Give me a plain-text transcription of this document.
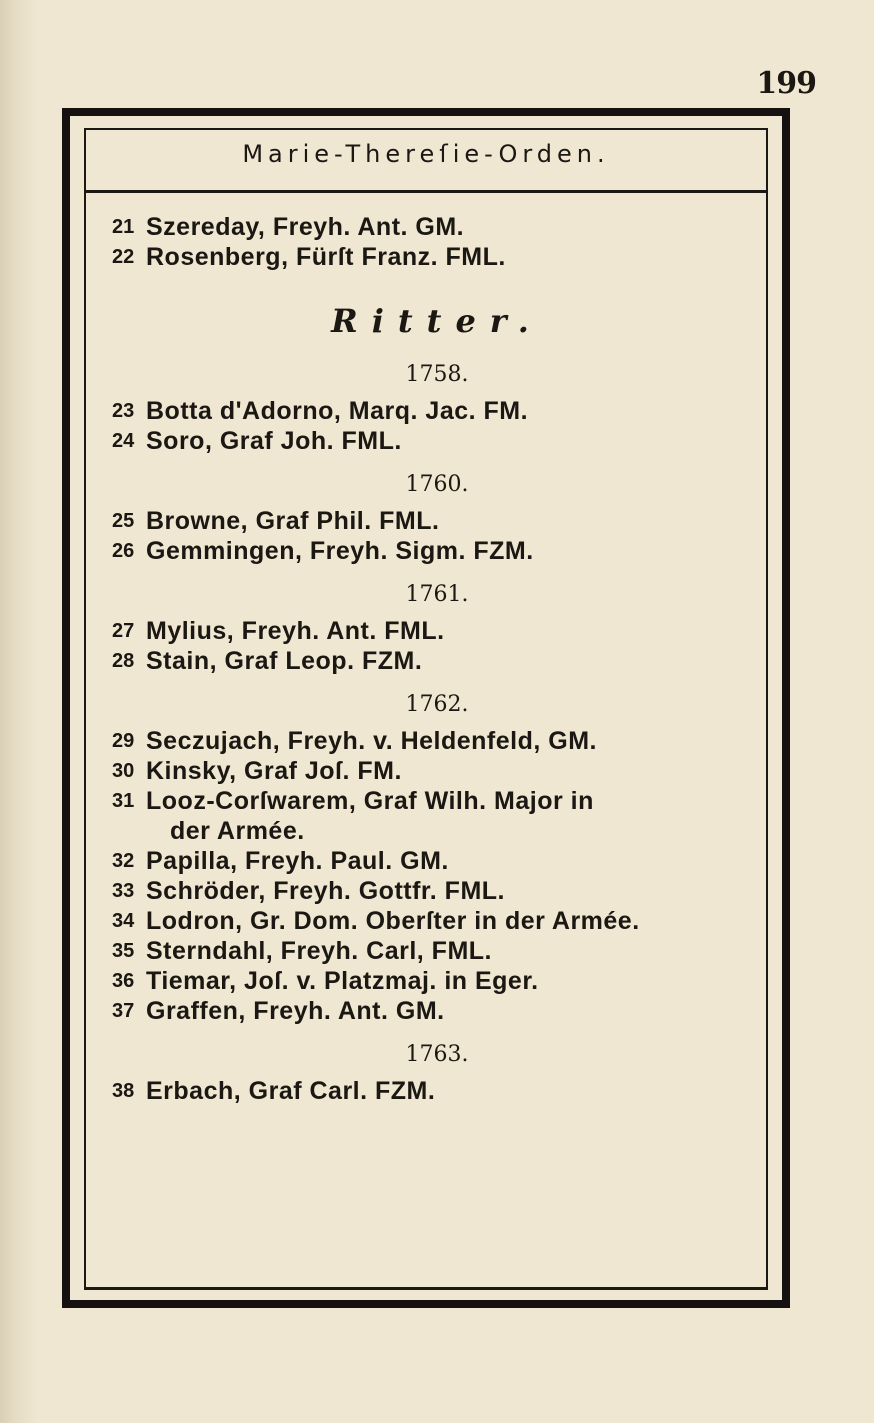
199
Marie-Thereſie-Orden.
21 Szereday, Freyh. Ant. GM.
22 Rosenberg, Fürſt Franz. FML.
Ritter.
1758.
23 Botta d'Adorno, Marq. Jac. FM.
24 Soro, Graf Joh. FML.
1760.
25 Browne, Graf Phil. FML.
26 Gemmingen, Freyh. Sigm. FZM.
1761.
27 Mylius, Freyh. Ant. FML.
28 Stain, Graf Leop. FZM.
1762.
29 Seczujach, Freyh. v. Heldenfeld, GM.
30 Kinsky, Graf Joſ. FM.
31 Looz-Corſwarem, Graf Wilh. Major in
der Armée.
32 Papilla, Freyh. Paul. GM.
33 Schröder, Freyh. Gottfr. FML.
34 Lodron, Gr. Dom. Oberſter in der Armée.
35 Sterndahl, Freyh. Carl, FML.
36 Tiemar, Joſ. v. Platzmaj. in Eger.
37 Graffen, Freyh. Ant. GM.
1763.
38 Erbach, Graf Carl. FZM.
